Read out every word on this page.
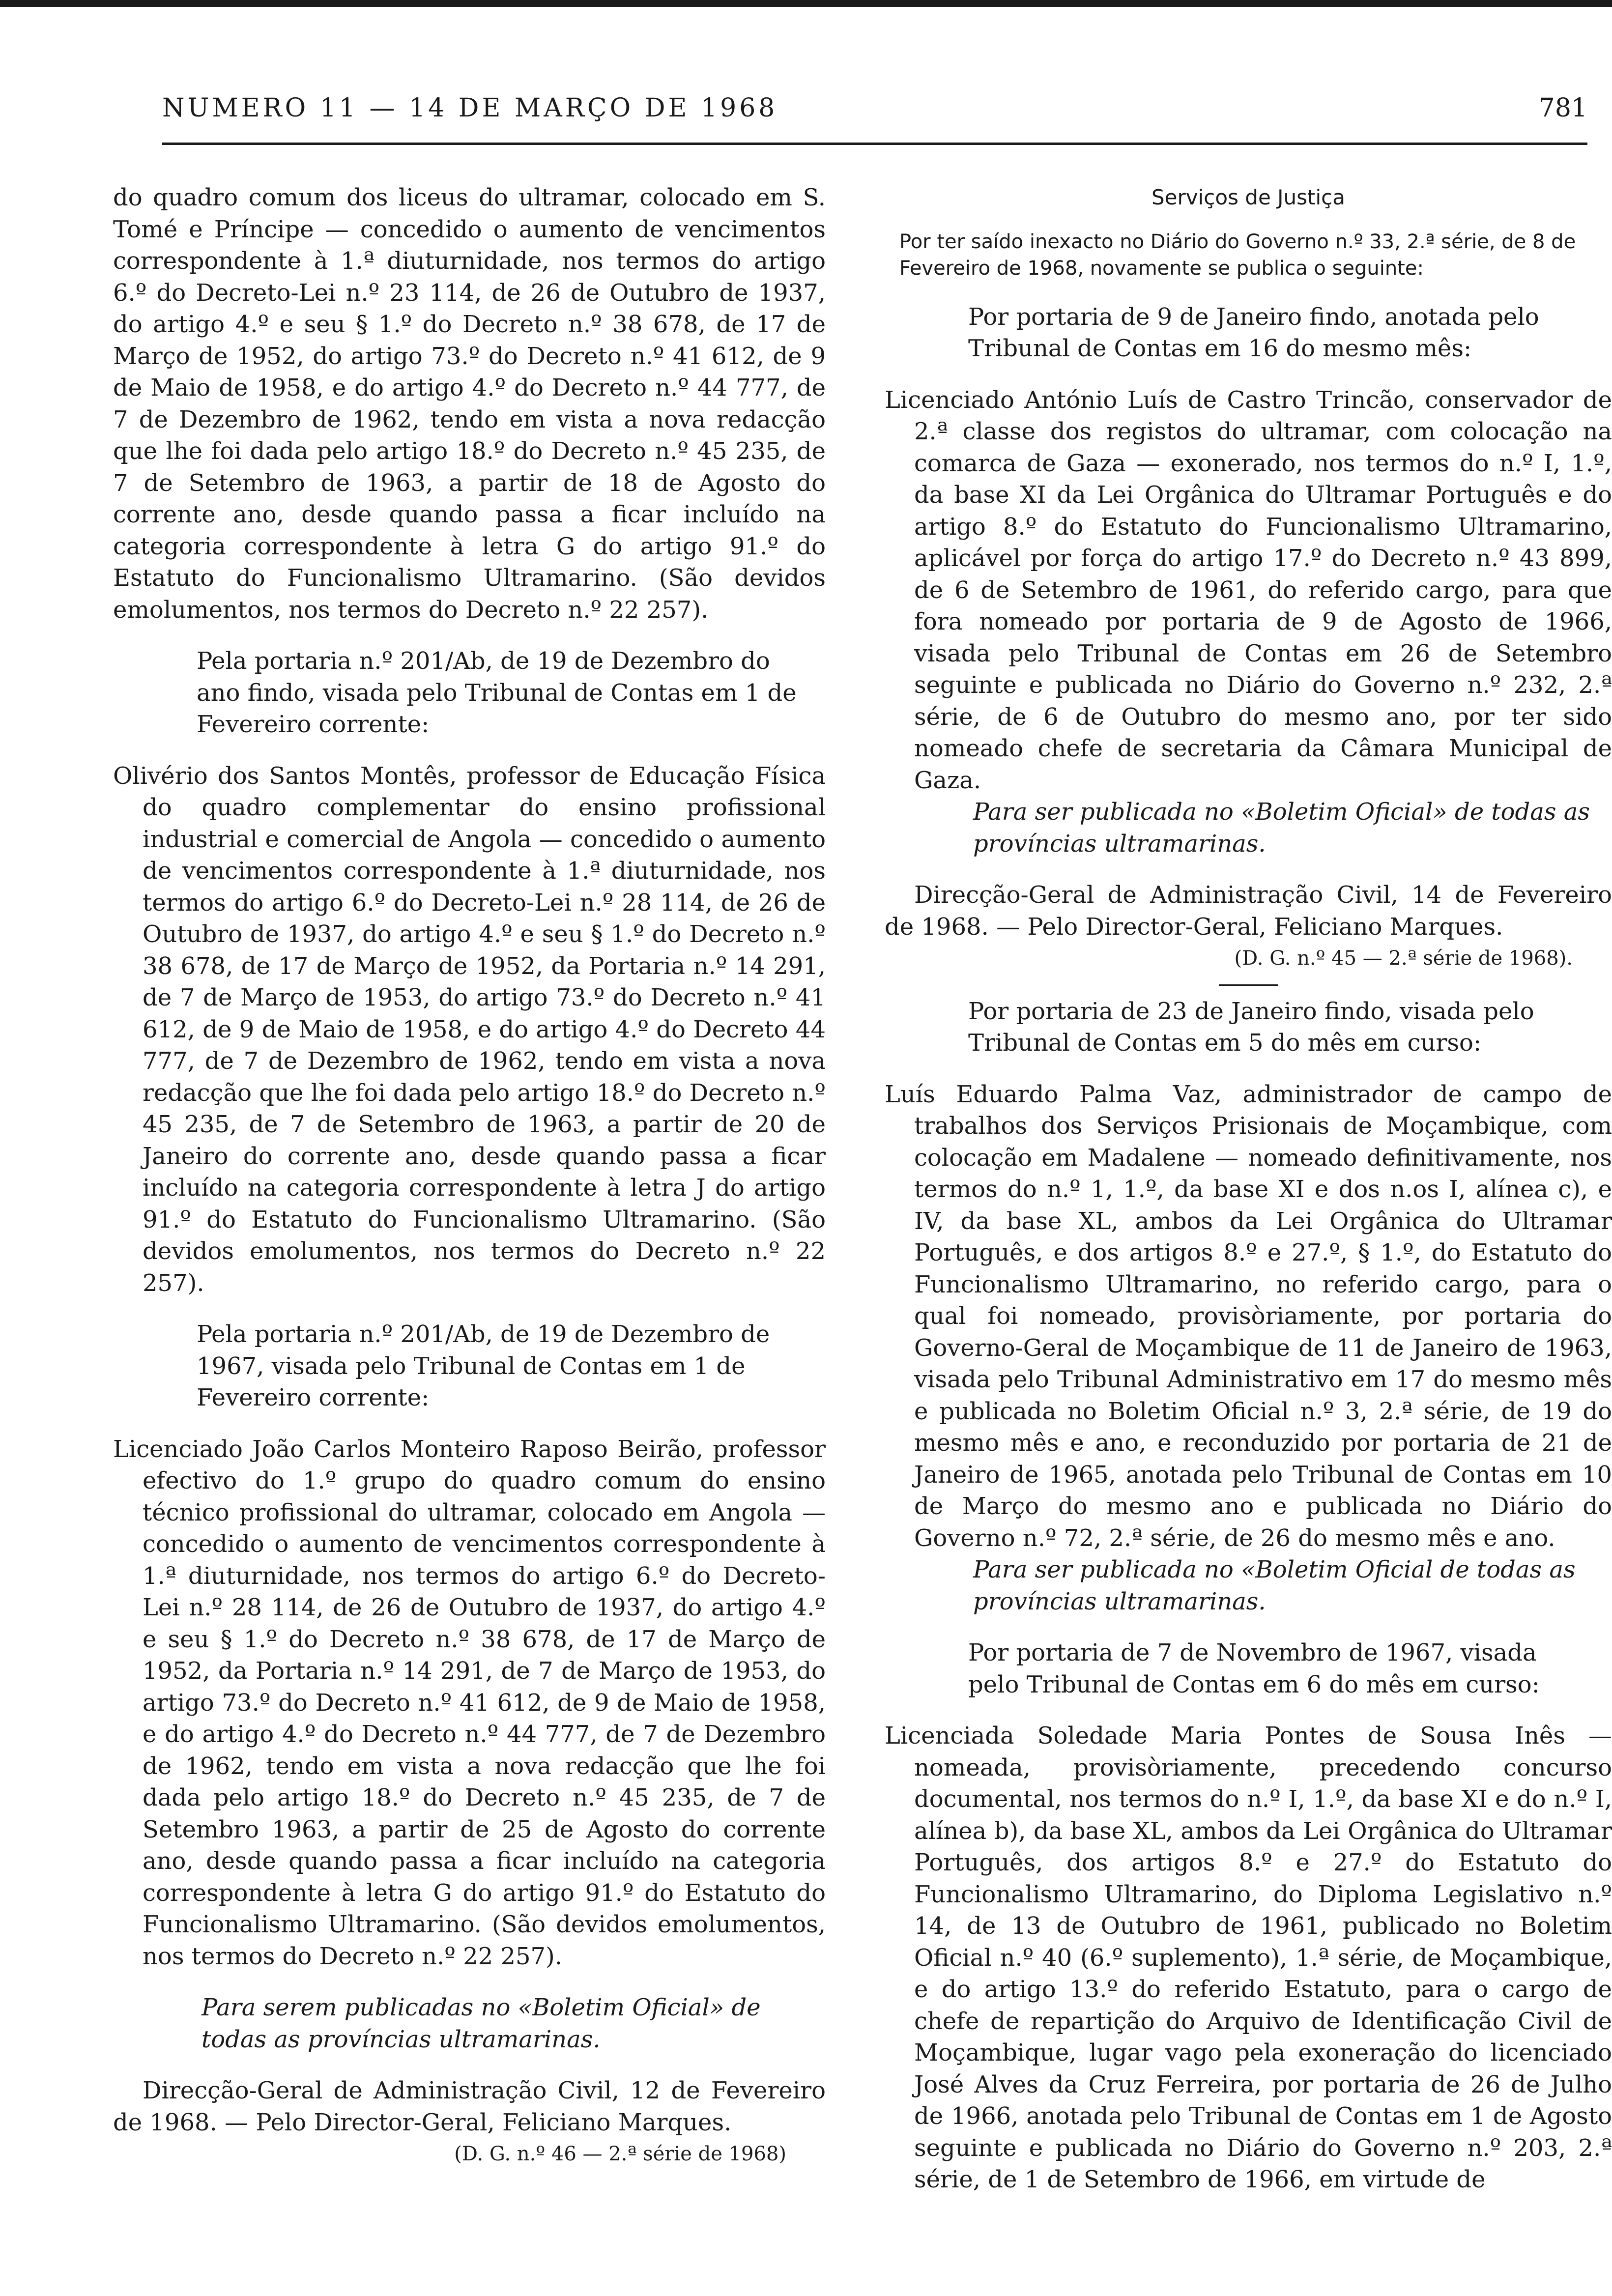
NUMERO 11 — 14 DE MARÇO DE 1968	781

do quadro comum dos liceus do ultramar, colocado em S. Tomé e Príncipe — concedido o aumento de vencimentos correspondente à 1.ª diuturnidade, nos termos do artigo 6.º do Decreto-Lei n.º 23 114, de 26 de Outubro de 1937, do artigo 4.º e seu § 1.º do Decreto n.º 38 678, de 17 de Março de 1952, do artigo 73.º do Decreto n.º 41 612, de 9 de Maio de 1958, e do artigo 4.º do Decreto n.º 44 777, de 7 de Dezembro de 1962, tendo em vista a nova redacção que lhe foi dada pelo artigo 18.º do Decreto n.º 45 235, de 7 de Setembro de 1963, a partir de 18 de Agosto do corrente ano, desde quando passa a ficar incluído na categoria correspondente à letra G do artigo 91.º do Estatuto do Funcionalismo Ultramarino. (São devidos emolumentos, nos termos do Decreto n.º 22 257).

Pela portaria n.º 201/Ab, de 19 de Dezembro do ano findo, visada pelo Tribunal de Contas em 1 de Fevereiro corrente:

Olivério dos Santos Montês, professor de Educação Física do quadro complementar do ensino profissional industrial e comercial de Angola — concedido o aumento de vencimentos correspondente à 1.ª diuturnidade, nos termos do artigo 6.º do Decreto-Lei n.º 28 114, de 26 de Outubro de 1937, do artigo 4.º e seu § 1.º do Decreto n.º 38 678, de 17 de Março de 1952, da Portaria n.º 14 291, de 7 de Março de 1953, do artigo 73.º do Decreto n.º 41 612, de 9 de Maio de 1958, e do artigo 4.º do Decreto 44 777, de 7 de Dezembro de 1962, tendo em vista a nova redacção que lhe foi dada pelo artigo 18.º do Decreto n.º 45 235, de 7 de Setembro de 1963, a partir de 20 de Janeiro do corrente ano, desde quando passa a ficar incluído na categoria correspondente à letra J do artigo 91.º do Estatuto do Funcionalismo Ultramarino. (São devidos emolumentos, nos termos do Decreto n.º 22 257).

Pela portaria n.º 201/Ab, de 19 de Dezembro de 1967, visada pelo Tribunal de Contas em 1 de Fevereiro corrente:

Licenciado João Carlos Monteiro Raposo Beirão, professor efectivo do 1.º grupo do quadro comum do ensino técnico profissional do ultramar, colocado em Angola — concedido o aumento de vencimentos correspondente à 1.ª diuturnidade, nos termos do artigo 6.º do Decreto-Lei n.º 28 114, de 26 de Outubro de 1937, do artigo 4.º e seu § 1.º do Decreto n.º 38 678, de 17 de Março de 1952, da Portaria n.º 14 291, de 7 de Março de 1953, do artigo 73.º do Decreto n.º 41 612, de 9 de Maio de 1958, e do artigo 4.º do Decreto n.º 44 777, de 7 de Dezembro de 1962, tendo em vista a nova redacção que lhe foi dada pelo artigo 18.º do Decreto n.º 45 235, de 7 de Setembro 1963, a partir de 25 de Agosto do corrente ano, desde quando passa a ficar incluído na categoria correspondente à letra G do artigo 91.º do Estatuto do Funcionalismo Ultramarino. (São devidos emolumentos, nos termos do Decreto n.º 22 257).

Para serem publicadas no «Boletim Oficial» de todas as províncias ultramarinas.

Direcção-Geral de Administração Civil, 12 de Fevereiro de 1968. — Pelo Director-Geral, Feliciano Marques.

(D. G. n.º 46 — 2.ª série de 1968)

Serviços de Justiça

Por ter saído inexacto no Diário do Governo n.º 33, 2.ª série, de 8 de Fevereiro de 1968, novamente se publica o seguinte:

Por portaria de 9 de Janeiro findo, anotada pelo Tribunal de Contas em 16 do mesmo mês:

Licenciado António Luís de Castro Trincão, conservador de 2.ª classe dos registos do ultramar, com colocação na comarca de Gaza — exonerado, nos termos do n.º I, 1.º, da base XI da Lei Orgânica do Ultramar Português e do artigo 8.º do Estatuto do Funcionalismo Ultramarino, aplicável por força do artigo 17.º do Decreto n.º 43 899, de 6 de Setembro de 1961, do referido cargo, para que fora nomeado por portaria de 9 de Agosto de 1966, visada pelo Tribunal de Contas em 26 de Setembro seguinte e publicada no Diário do Governo n.º 232, 2.ª série, de 6 de Outubro do mesmo ano, por ter sido nomeado chefe de secretaria da Câmara Municipal de Gaza.

Para ser publicada no «Boletim Oficial» de todas as províncias ultramarinas.

Direcção-Geral de Administração Civil, 14 de Fevereiro de 1968. — Pelo Director-Geral, Feliciano Marques.

(D. G. n.º 45 — 2.ª série de 1968).

Por portaria de 23 de Janeiro findo, visada pelo Tribunal de Contas em 5 do mês em curso:

Luís Eduardo Palma Vaz, administrador de campo de trabalhos dos Serviços Prisionais de Moçambique, com colocação em Madalene — nomeado definitivamente, nos termos do n.º 1, 1.º, da base XI e dos n.os I, alínea c), e IV, da base XL, ambos da Lei Orgânica do Ultramar Português, e dos artigos 8.º e 27.º, § 1.º, do Estatuto do Funcionalismo Ultramarino, no referido cargo, para o qual foi nomeado, provisòriamente, por portaria do Governo-Geral de Moçambique de 11 de Janeiro de 1963, visada pelo Tribunal Administrativo em 17 do mesmo mês e publicada no Boletim Oficial n.º 3, 2.ª série, de 19 do mesmo mês e ano, e reconduzido por portaria de 21 de Janeiro de 1965, anotada pelo Tribunal de Contas em 10 de Março do mesmo ano e publicada no Diário do Governo n.º 72, 2.ª série, de 26 do mesmo mês e ano.

Para ser publicada no «Boletim Oficial de todas as províncias ultramarinas.

Por portaria de 7 de Novembro de 1967, visada pelo Tribunal de Contas em 6 do mês em curso:

Licenciada Soledade Maria Pontes de Sousa Inês — nomeada, provisòriamente, precedendo concurso documental, nos termos do n.º I, 1.º, da base XI e do n.º I, alínea b), da base XL, ambos da Lei Orgânica do Ultramar Português, dos artigos 8.º e 27.º do Estatuto do Funcionalismo Ultramarino, do Diploma Legislativo n.º 14, de 13 de Outubro de 1961, publicado no Boletim Oficial n.º 40 (6.º suplemento), 1.ª série, de Moçambique, e do artigo 13.º do referido Estatuto, para o cargo de chefe de repartição do Arquivo de Identificação Civil de Moçambique, lugar vago pela exoneração do licenciado José Alves da Cruz Ferreira, por portaria de 26 de Julho de 1966, anotada pelo Tribunal de Contas em 1 de Agosto seguinte e publicada no Diário do Governo n.º 203, 2.ª série, de 1 de Setembro de 1966, em virtude de
